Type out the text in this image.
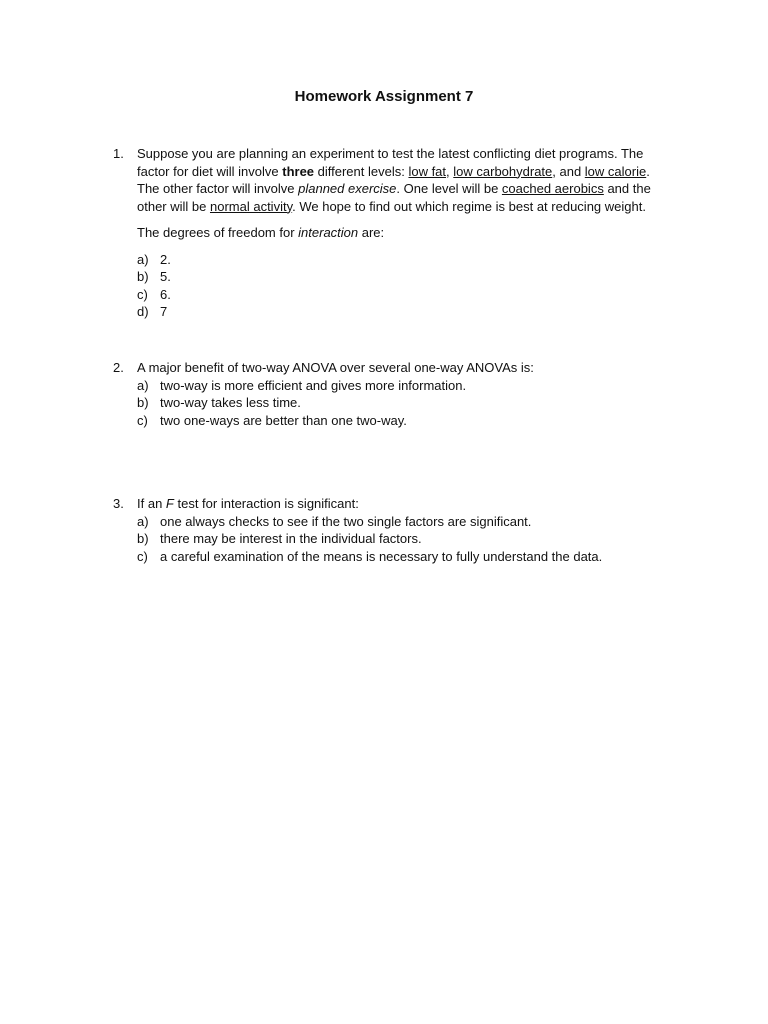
Homework Assignment 7
1.	Suppose you are planning an experiment to test the latest conflicting diet programs. The factor for diet will involve three different levels: low fat, low carbohydrate, and low calorie. The other factor will involve planned exercise. One level will be coached aerobics and the other will be normal activity. We hope to find out which regime is best at reducing weight.

The degrees of freedom for interaction are:

a) 2.
b) 5.
c) 6.
d) 7
2.	A major benefit of two-way ANOVA over several one-way ANOVAs is:

a) two-way is more efficient and gives more information.
b) two-way takes less time.
c) two one-ways are better than one two-way.
3.	If an F test for interaction is significant:

a) one always checks to see if the two single factors are significant.
b) there may be interest in the individual factors.
c) a careful examination of the means is necessary to fully understand the data.
